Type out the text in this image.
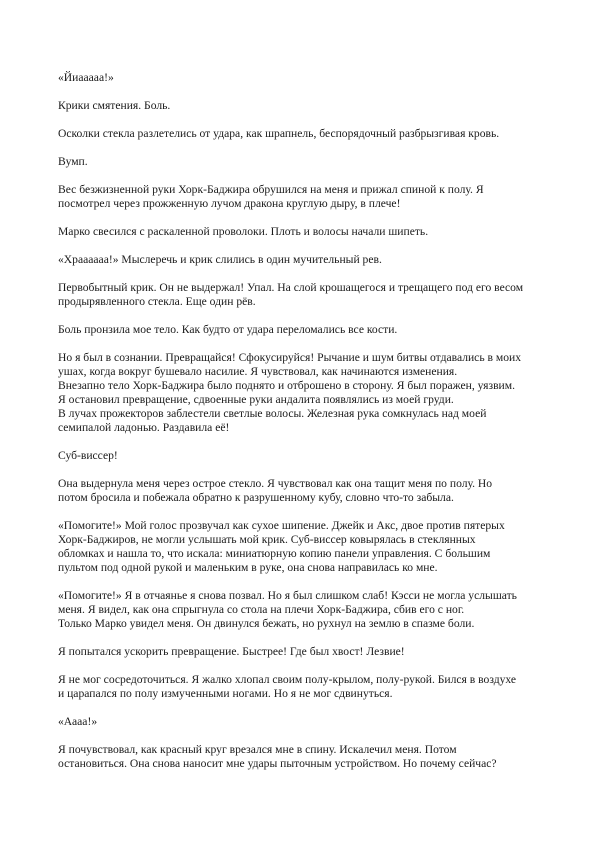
«Йиааааа!»
Крики смятения. Боль.
Осколки стекла разлетелись от удара, как шрапнель, беспорядочный разбрызгивая кровь.
Вумп.
Вес безжизненной руки Хорк-Баджира обрушился на меня и прижал спиной к полу. Я
посмотрел через прожженную лучом дракона круглую дыру, в плече!
Марко свесился с раскаленной проволоки. Плоть и волосы начали шипеть.
«Храааааа!» Мыслеречь и крик слились в один мучительный рев.
Первобытный крик. Он не выдержал! Упал. На слой крошащегося и трещащего под его весом
продырявленного стекла. Еще один рёв.
Боль пронзила мое тело. Как будто от удара переломались все кости.
Но я был в сознании. Превращайся! Сфокусируйся! Рычание и шум битвы отдавались в моих
ушах, когда вокруг бушевало насилие. Я чувствовал, как начинаются изменения.
Внезапно тело Хорк-Баджира было поднято и отброшено в сторону. Я был поражен, уязвим.
Я остановил превращение, сдвоенные руки андалита появлялись из моей груди.
В лучах прожекторов заблестели светлые волосы. Железная рука сомкнулась над моей
семипалой ладонью. Раздавила её!
Суб-виссер!
Она выдернула меня через острое стекло. Я чувствовал как она тащит меня по полу. Но
потом бросила и побежала обратно к разрушенному кубу, словно что-то забыла.
«Помогите!» Мой голос прозвучал как сухое шипение. Джейк и Акс, двое против пятерых
Хорк-Баджиров, не могли услышать мой крик. Суб-виссер ковырялась в стеклянных
обломках и нашла то, что искала: миниатюрную копию панели управления. С большим
пультом под одной рукой и маленьким в руке, она снова направилась ко мне.
«Помогите!» Я в отчаянье я снова позвал. Но я был слишком слаб! Кэсси не могла услышать
меня. Я видел, как она спрыгнула со стола на плечи Хорк-Баджира, сбив его с ног.
Только Марко увидел меня. Он двинулся бежать, но рухнул на землю в спазме боли.
Я попытался ускорить превращение. Быстрее! Где был хвост! Лезвие!
Я не мог сосредоточиться. Я жалко хлопал своим полу-крылом, полу-рукой. Бился в воздухе
и царапался по полу измученными ногами. Но я не мог сдвинуться.
«Аааа!»
Я почувствовал, как красный круг врезался мне в спину. Искалечил меня. Потом
остановиться. Она снова наносит мне удары пыточным устройством. Но почему сейчас?
